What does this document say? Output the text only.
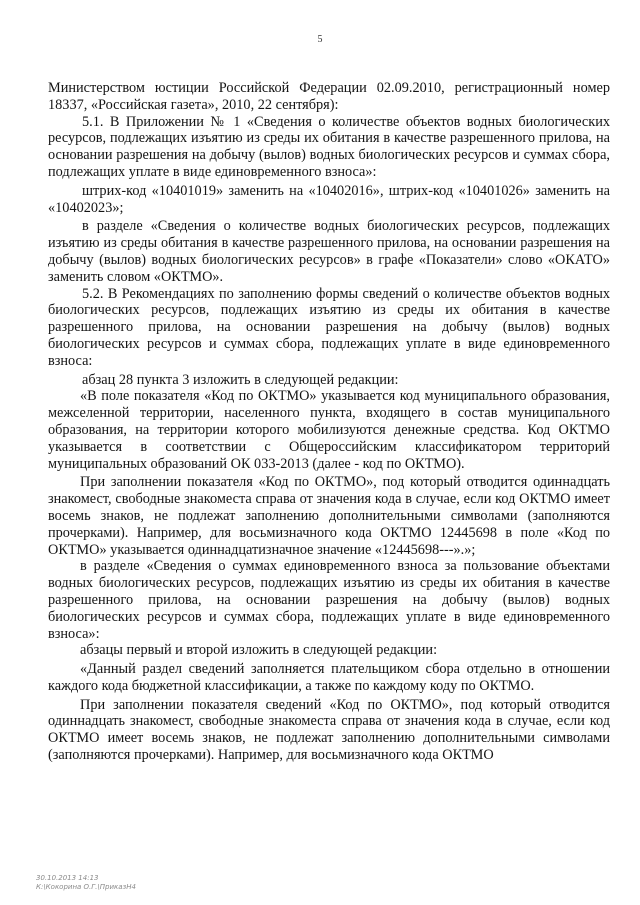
5

Министерством юстиции Российской Федерации 02.09.2010, регистрационный номер 18337, «Российская газета», 2010, 22 сентября):

5.1. В Приложении № 1 «Сведения о количестве объектов водных биологических ресурсов, подлежащих изъятию из среды их обитания в качестве разрешенного прилова, на основании разрешения на добычу (вылов) водных биологических ресурсов и суммах сбора, подлежащих уплате в виде единовременного взноса»:

штрих-код «10401019» заменить на «10402016», штрих-код «10401026» заменить на «10402023»;

в разделе «Сведения о количестве водных биологических ресурсов, подлежащих изъятию из среды обитания в качестве разрешенного прилова, на основании разрешения на добычу (вылов) водных биологических ресурсов» в графе «Показатели» слово «ОКАТО» заменить словом «ОКТМО».

5.2. В Рекомендациях по заполнению формы сведений о количестве объектов водных биологических ресурсов, подлежащих изъятию из среды их обитания в качестве разрешенного прилова, на основании разрешения на добычу (вылов) водных биологических ресурсов и суммах сбора, подлежащих уплате в виде единовременного взноса:

абзац 28 пункта 3 изложить в следующей редакции:

«В поле показателя «Код по ОКТМО» указывается код муниципального образования, межселенной территории, населенного пункта, входящего в состав муниципального образования, на территории которого мобилизуются денежные средства. Код ОКТМО указывается в соответствии с Общероссийским классификатором территорий муниципальных образований ОК 033-2013 (далее - код по ОКТМО).

При заполнении показателя «Код по ОКТМО», под который отводится одиннадцать знакомест, свободные знакоместа справа от значения кода в случае, если код ОКТМО имеет восемь знаков, не подлежат заполнению дополнительными символами (заполняются прочерками). Например, для восьмизначного кода ОКТМО 12445698 в поле «Код по ОКТМО» указывается одиннадцатизначное значение «12445698---».»;

в разделе «Сведения о суммах единовременного взноса за пользование объектами водных биологических ресурсов, подлежащих изъятию из среды их обитания в качестве разрешенного прилова, на основании разрешения на добычу (вылов) водных биологических ресурсов и суммах сбора, подлежащих уплате в виде единовременного взноса»:

абзацы первый и второй изложить в следующей редакции:

«Данный раздел сведений заполняется плательщиком сбора отдельно в отношении каждого кода бюджетной классификации, а также по каждому коду по ОКТМО.

При заполнении показателя сведений «Код по ОКТМО», под который отводится одиннадцать знакомест, свободные знакоместа справа от значения кода в случае, если код ОКТМО имеет восемь знаков, не подлежат заполнению дополнительными символами (заполняются прочерками). Например, для восьмизначного кода ОКТМО

30.10.2013 14:13
К:\Кокорина О.Г.\ПриказН4
